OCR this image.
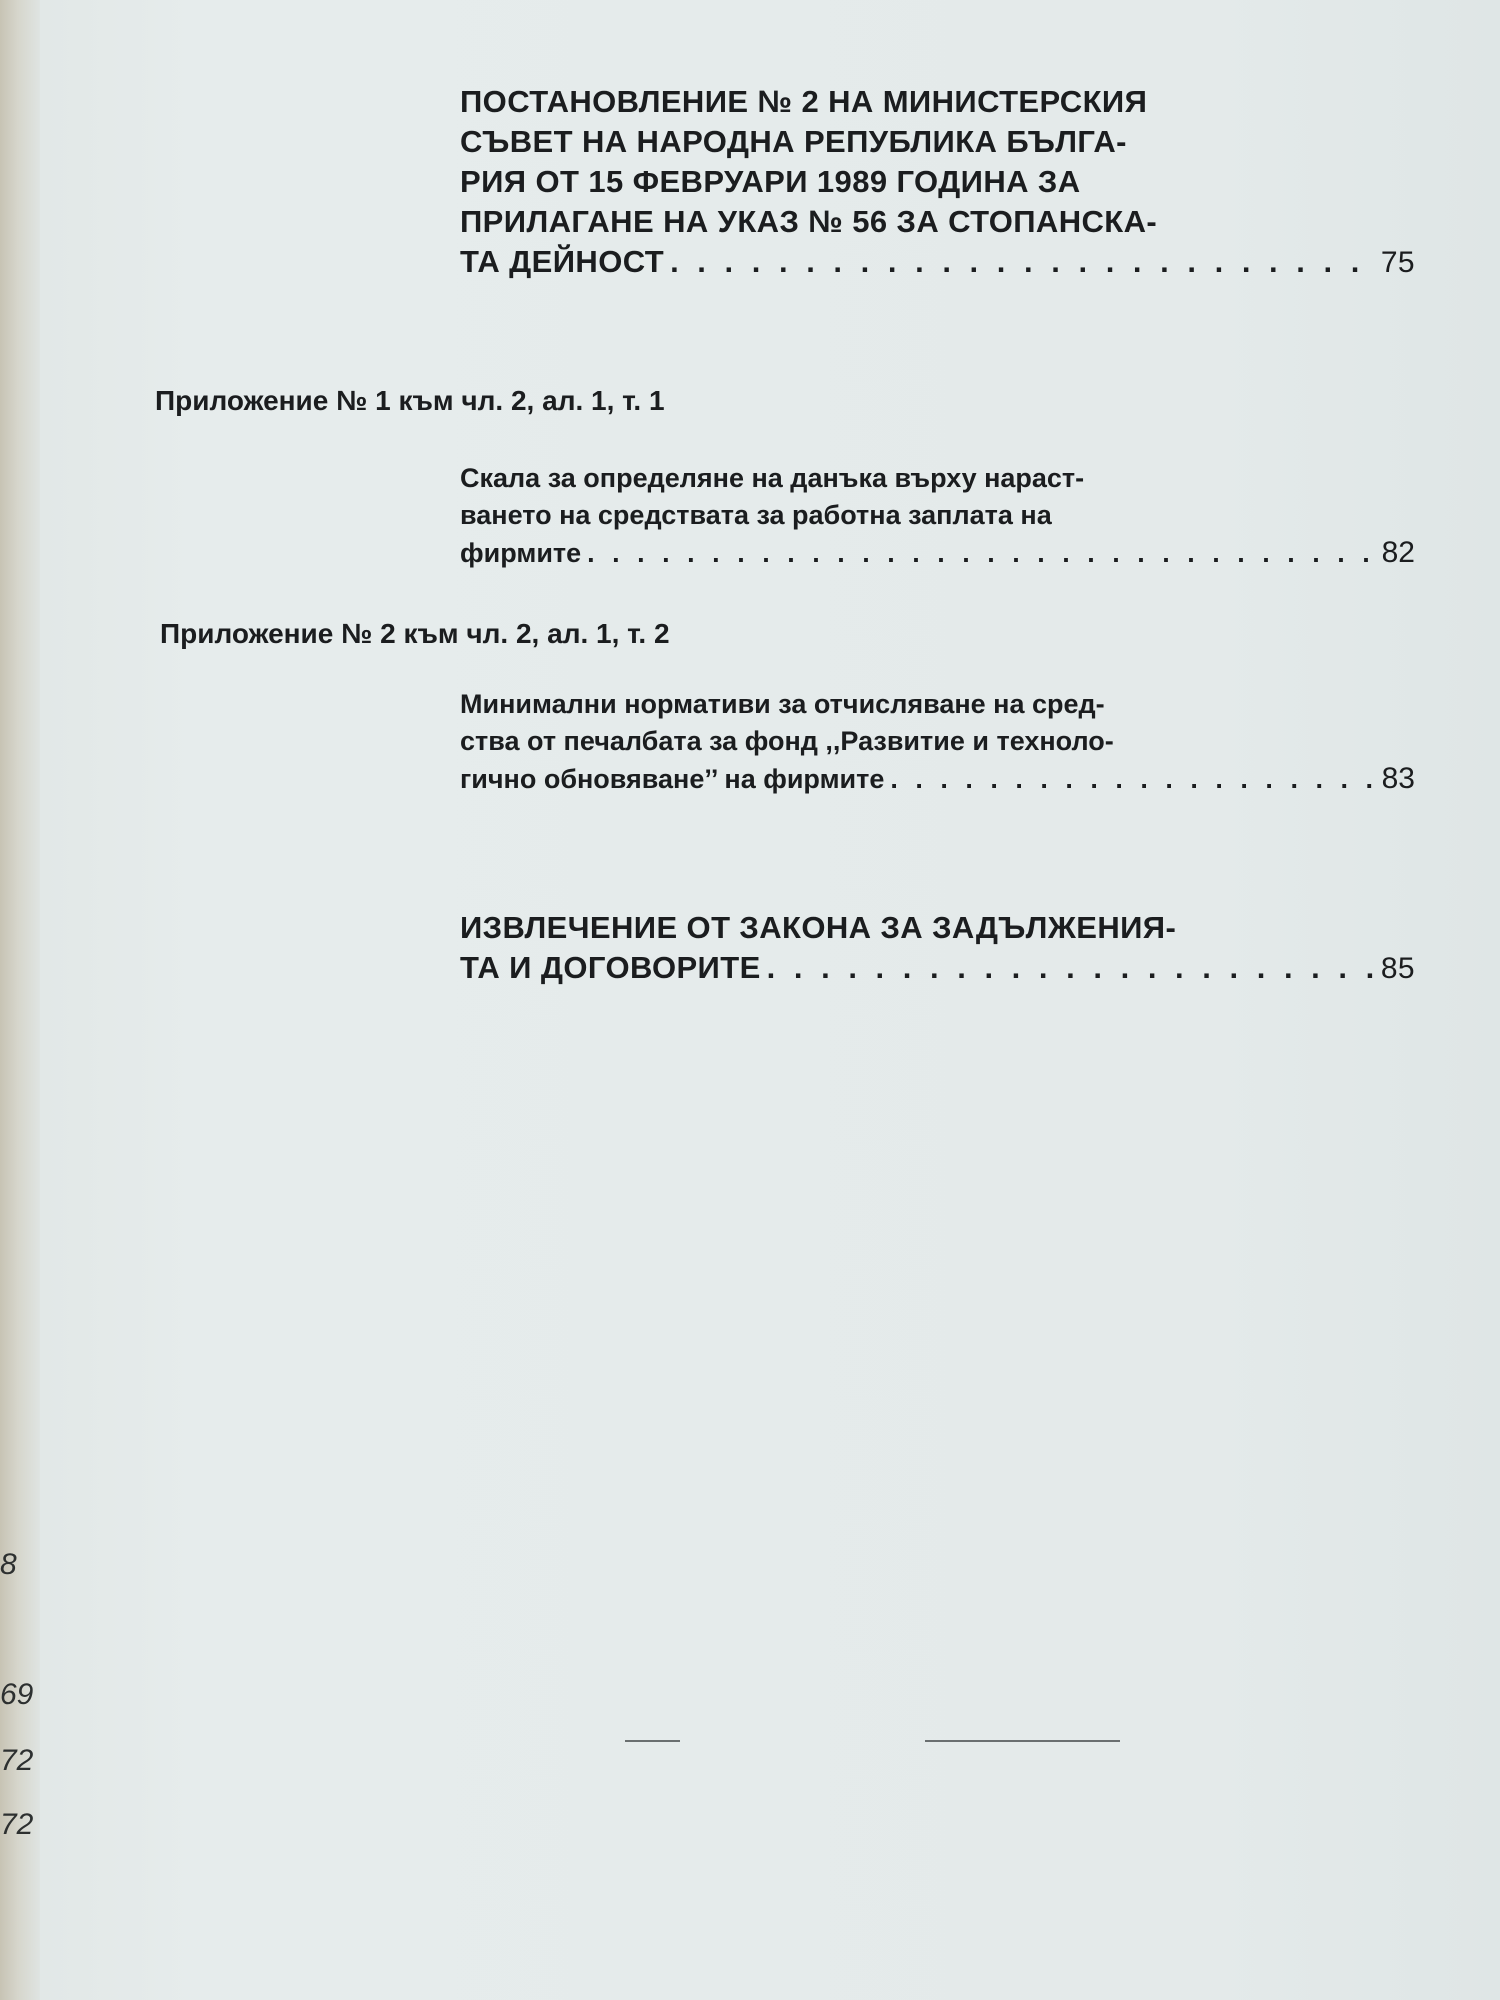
8
69
72
72
ПОСТАНОВЛЕНИЕ № 2 НА МИНИСТЕРСКИЯ
СЪВЕТ НА НАРОДНА РЕПУБЛИКА БЪЛГА-
РИЯ ОТ 15 ФЕВРУАРИ 1989 ГОДИНА ЗА
ПРИЛАГАНЕ НА УКАЗ № 56 ЗА СТОПАНСКА-
ТА ДЕЙНОСТ . . .	75
Приложение № 1 към чл. 2, ал. 1, т. 1
Скала за определяне на данъка върху нараст-
ването на средствата за работна заплата на
фирмите . . .	82
Приложение № 2 към чл. 2, ал. 1, т. 2
Минимални нормативи за отчисляване на сред-
ства от печалбата за фонд ,,Развитие и техноло-
гично обновяване’’ на фирмите . . .	83
ИЗВЛЕЧЕНИЕ ОТ ЗАКОНА ЗА ЗАДЪЛЖЕНИЯ-
ТА И ДОГОВОРИТЕ . . .	85
